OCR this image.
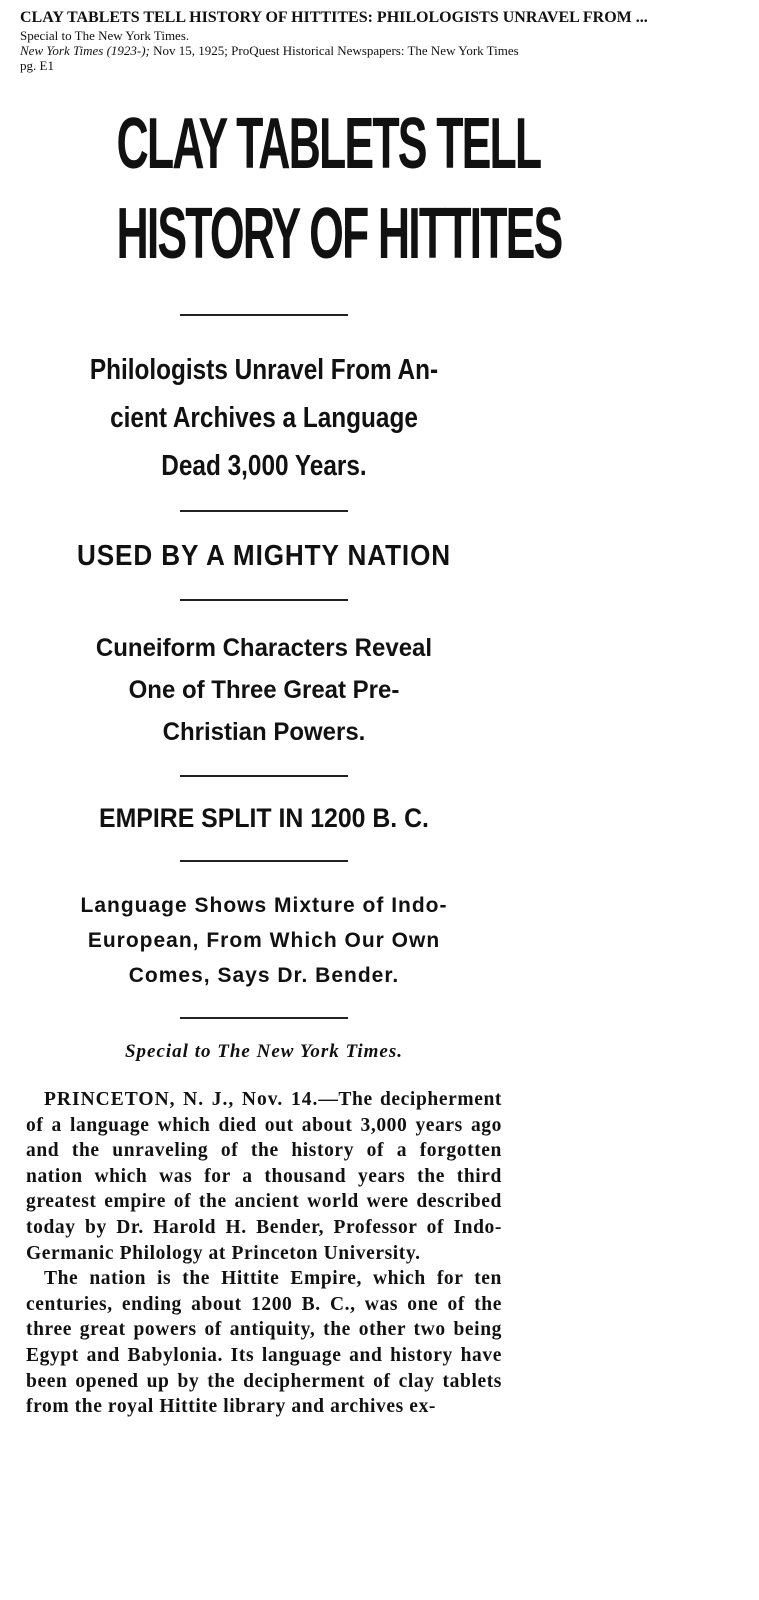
CLAY TABLETS TELL HISTORY OF HITTITES: PHILOLOGISTS UNRAVEL FROM ...
Special to The New York Times.
New York Times (1923-); Nov 15, 1925; ProQuest Historical Newspapers: The New York Times
pg. E1
CLAY TABLETS TELL
HISTORY OF HITTITES
Philologists Unravel From An-
cient Archives a Language
Dead 3,000 Years.
USED BY A MIGHTY NATION
Cuneiform Characters Reveal
One of Three Great Pre-
Christian Powers.
EMPIRE SPLIT IN 1200 B. C.
Language Shows Mixture of Indo-
European, From Which Our Own
Comes, Says Dr. Bender.
Special to The New York Times.

PRINCETON, N. J., Nov. 14.—The decipherment of a language which died out about 3,000 years ago and the unraveling of the history of a forgotten nation which was for a thousand years the third greatest empire of the ancient world were described today by Dr. Harold H. Bender, Professor of Indo-Germanic Philology at Princeton University.

The nation is the Hittite Empire, which for ten centuries, ending about 1200 B. C., was one of the three great powers of antiquity, the other two being Egypt and Babylonia. Its language and history have been opened up by the decipherment of clay tablets from the royal Hittite library and archives ex-
